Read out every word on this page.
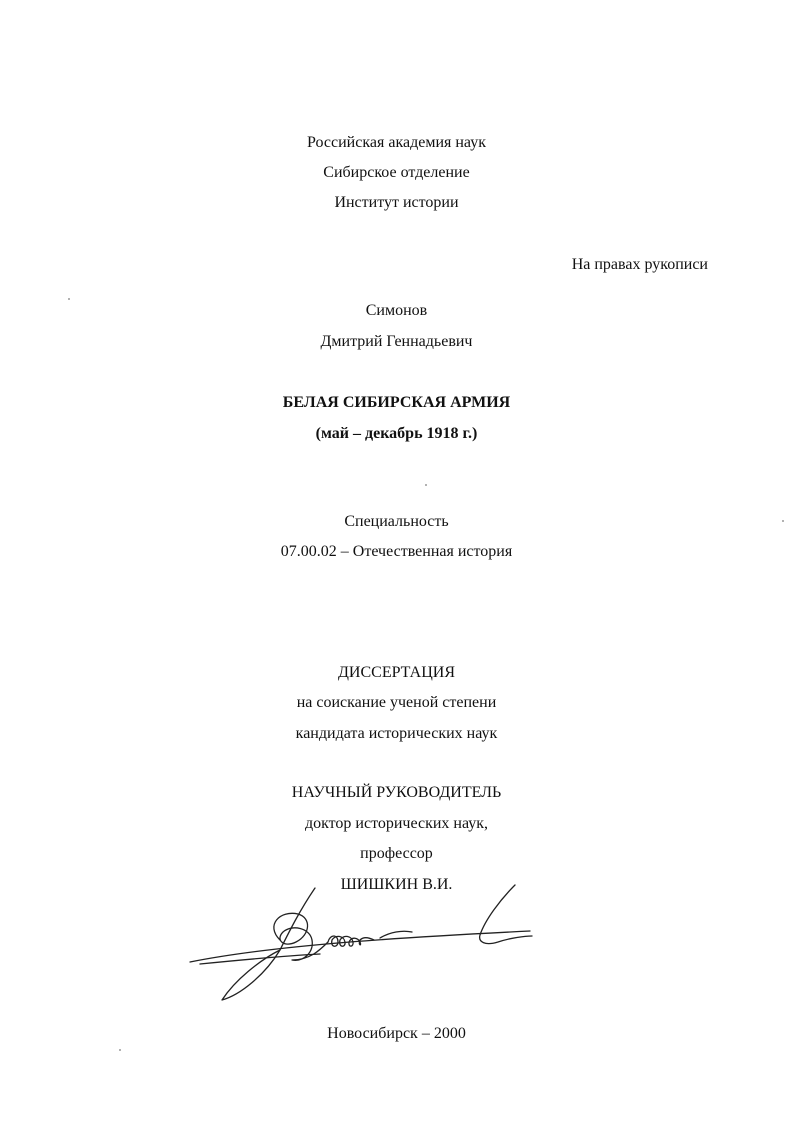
Российская академия наук
Сибирское отделение
Институт истории
На правах рукописи
Симонов
Дмитрий Геннадьевич
БЕЛАЯ СИБИРСКАЯ АРМИЯ
(май – декабрь 1918 г.)
Специальность
07.00.02 – Отечественная история
ДИССЕРТАЦИЯ
на соискание ученой степени
кандидата исторических наук
НАУЧНЫЙ РУКОВОДИТЕЛЬ
доктор исторических наук,
профессор
ШИШКИН В.И.
Новосибирск – 2000
